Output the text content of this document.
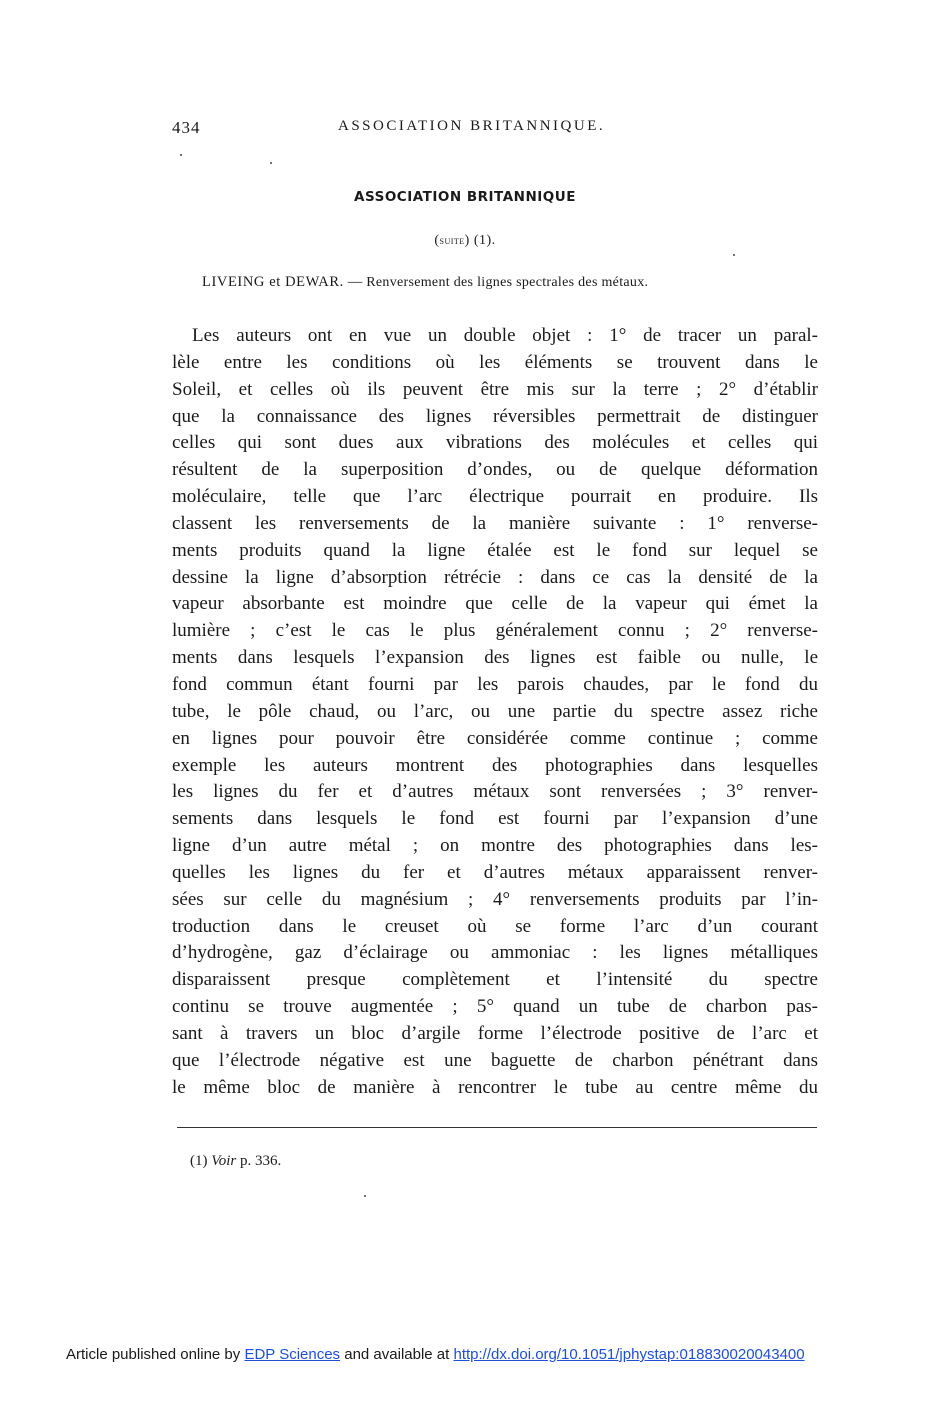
434	ASSOCIATION BRITANNIQUE.
ASSOCIATION BRITANNIQUE
(suite) (1).
LIVEING et DEWAR. — Renversement des lignes spectrales des métaux.
Les auteurs ont en vue un double objet : 1° de tracer un paral-
lèle entre les conditions où les éléments se trouvent dans le
Soleil, et celles où ils peuvent être mis sur la terre ; 2° d’établir
que la connaissance des lignes réversibles permettrait de distinguer
celles qui sont dues aux vibrations des molécules et celles qui
résultent de la superposition d’ondes, ou de quelque déformation
moléculaire, telle que l’arc électrique pourrait en produire. Ils
classent les renversements de la manière suivante : 1° renverse-
ments produits quand la ligne étalée est le fond sur lequel se
dessine la ligne d’absorption rétrécie : dans ce cas la densité de la
vapeur absorbante est moindre que celle de la vapeur qui émet la
lumière ; c’est le cas le plus généralement connu ; 2° renverse-
ments dans lesquels l’expansion des lignes est faible ou nulle, le
fond commun étant fourni par les parois chaudes, par le fond du
tube, le pôle chaud, ou l’arc, ou une partie du spectre assez riche
en lignes pour pouvoir être considérée comme continue ; comme
exemple les auteurs montrent des photographies dans lesquelles
les lignes du fer et d’autres métaux sont renversées ; 3° renver-
sements dans lesquels le fond est fourni par l’expansion d’une
ligne d’un autre métal ; on montre des photographies dans les-
quelles les lignes du fer et d’autres métaux apparaissent renver-
sées sur celle du magnésium ; 4° renversements produits par l’in-
troduction dans le creuset où se forme l’arc d’un courant
d’hydrogène, gaz d’éclairage ou ammoniac : les lignes métalliques
disparaissent presque complètement et l’intensité du spectre
continu se trouve augmentée ; 5° quand un tube de charbon pas-
sant à travers un bloc d’argile forme l’électrode positive de l’arc et
que l’électrode négative est une baguette de charbon pénétrant dans
le même bloc de manière à rencontrer le tube au centre même du
(1) Voir p. 336.
Article published online by EDP Sciences and available at http://dx.doi.org/10.1051/jphystap:018830020043400
